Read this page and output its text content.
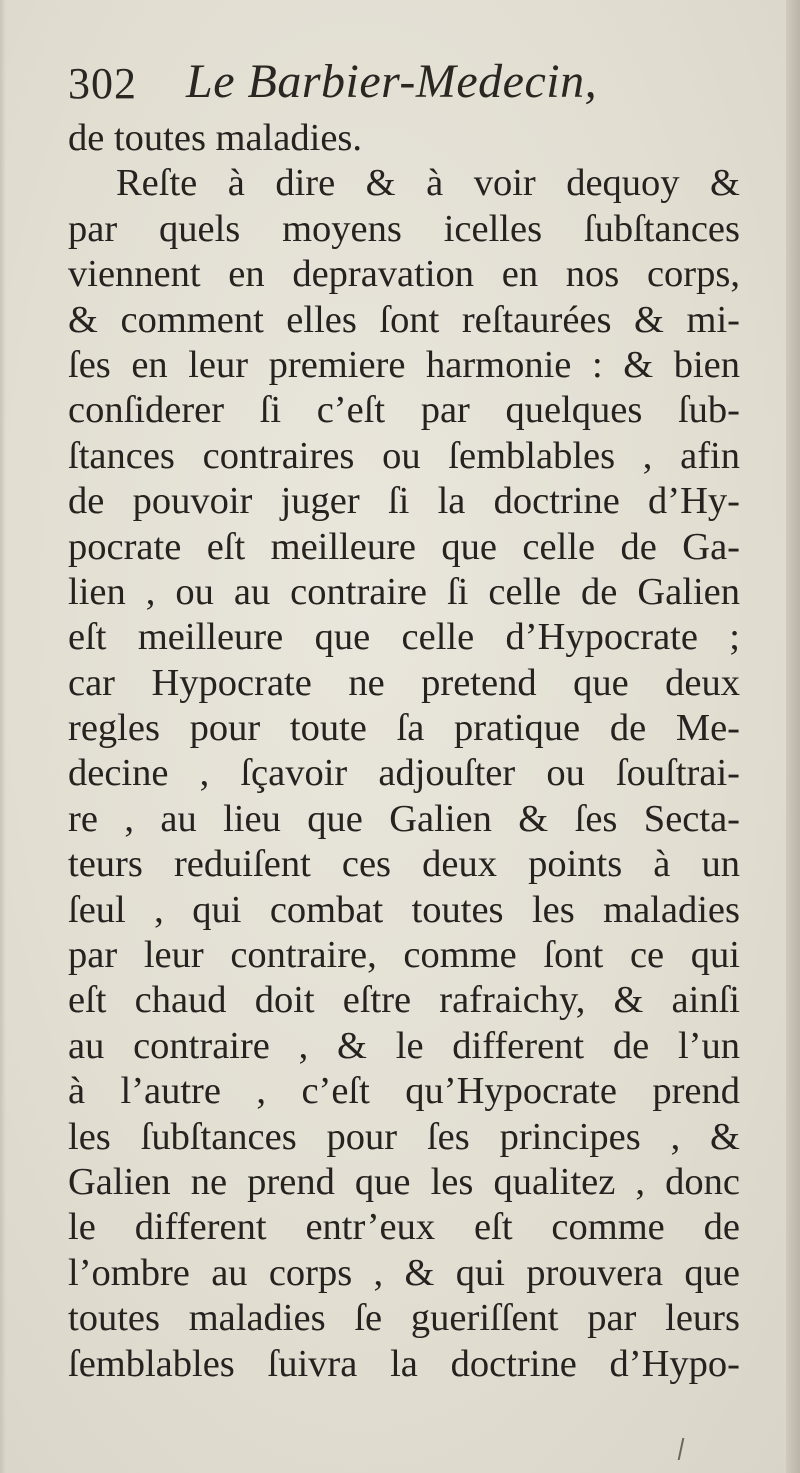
302 Le Barbier-Medecin,
de toutes maladies.
Reſte à dire & à voir dequoy &
par quels moyens icelles ſubſtances
viennent en depravation en nos corps,
& comment elles ſont reſtaurées & mi-
ſes en leur premiere harmonie : & bien
conſiderer ſi c’eſt par quelques ſub-
ſtances contraires ou ſemblables , afin
de pouvoir juger ſi la doctrine d’Hy-
pocrate eſt meilleure que celle de Ga-
lien , ou au contraire ſi celle de Galien
eſt meilleure que celle d’Hypocrate ;
car Hypocrate ne pretend que deux
regles pour toute ſa pratique de Me-
decine , ſçavoir adjouſter ou ſouſtrai-
re , au lieu que Galien & ſes Secta-
teurs reduiſent ces deux points à un
ſeul , qui combat toutes les maladies
par leur contraire, comme ſont ce qui
eſt chaud doit eſtre rafraichy, & ainſi
au contraire , & le different de l’un
à l’autre , c’eſt qu’Hypocrate prend
les ſubſtances pour ſes principes , &
Galien ne prend que les qualitez , donc
le different entr’eux eſt comme de
l’ombre au corps , & qui prouvera que
toutes maladies ſe gueriſſent par leurs
ſemblables ſuivra la doctrine d’Hypo-
